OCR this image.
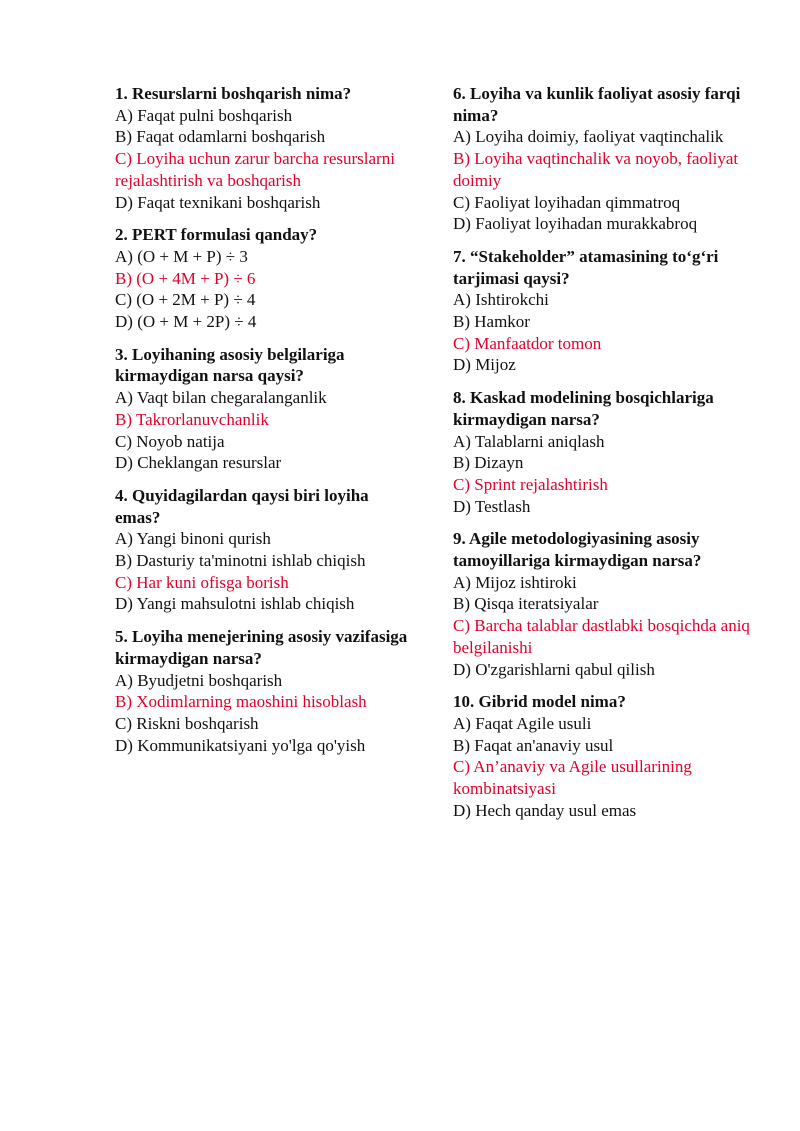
1. Resurslarni boshqarish nima?

A) Faqat pulni boshqarish

B) Faqat odamlarni boshqarish

C) Loyiha uchun zarur barcha resurslarni rejalashtirish va boshqarish

D) Faqat texnikani boshqarish

2. PERT formulasi qanday?

A) (O + M + P) ÷ 3

B) (O + 4M + P) ÷ 6

C) (O + 2M + P) ÷ 4

D) (O + M + 2P) ÷ 4

3. Loyihaning asosiy belgilariga kirmaydigan narsa qaysi?

A) Vaqt bilan chegaralanganlik

B) Takrorlanuvchanlik

C) Noyob natija

D) Cheklangan resurslar

4. Quyidagilardan qaysi biri loyiha emas?

A) Yangi binoni qurish

B) Dasturiy ta'minotni ishlab chiqish

C) Har kuni ofisga borish

D) Yangi mahsulotni ishlab chiqish

5. Loyiha menejerining asosiy vazifasiga kirmaydigan narsa?

A) Byudjetni boshqarish

B) Xodimlarning maoshini hisoblash

C) Riskni boshqarish

D) Kommunikatsiyani yo'lga qo'yish

6. Loyiha va kunlik faoliyat asosiy farqi nima?

A) Loyiha doimiy, faoliyat vaqtinchalik

B) Loyiha vaqtinchalik va noyob, faoliyat doimiy

C) Faoliyat loyihadan qimmatroq

D) Faoliyat loyihadan murakkabroq

7. “Stakeholder” atamasining to‘g‘ri tarjimasi qaysi?

A) Ishtirokchi

B) Hamkor

C) Manfaatdor tomon

D) Mijoz

8. Kaskad modelining bosqichlariga kirmaydigan narsa?

A) Talablarni aniqlash

B) Dizayn

C) Sprint rejalashtirish

D) Testlash

9. Agile metodologiyasining asosiy tamoyillariga kirmaydigan narsa?

A) Mijoz ishtiroki

B) Qisqa iteratsiyalar

C) Barcha talablar dastlabki bosqichda aniq belgilanishi

D) O'zgarishlarni qabul qilish

10. Gibrid model nima?

A) Faqat Agile usuli

B) Faqat an'anaviy usul

C) An’anaviy va Agile usullarining kombinatsiyasi

D) Hech qanday usul emas
